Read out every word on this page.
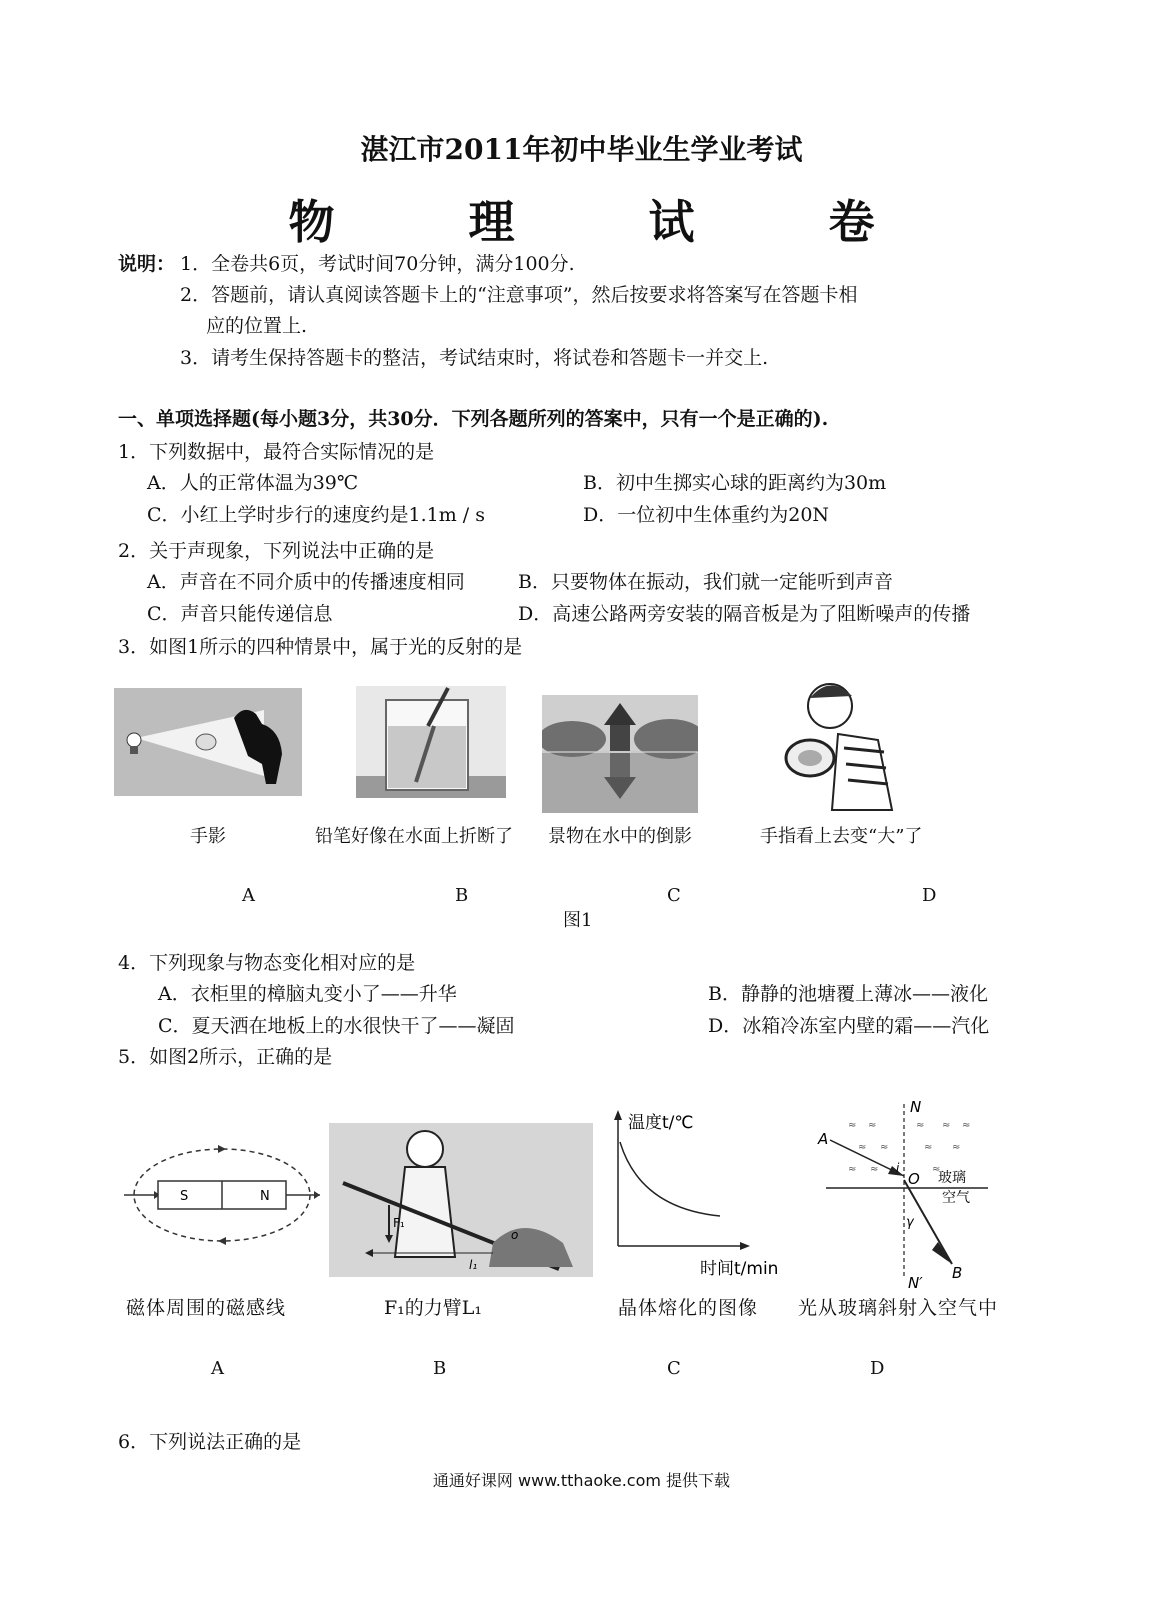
湛江市2011年初中毕业生学业考试
物　理　试　卷
说明： 1．全卷共6页，考试时间70分钟，满分100分.
2．答题前，请认真阅读答题卡上的“注意事项”，然后按要求将答案写在答题卡相
应的位置上.
3．请考生保持答题卡的整洁，考试结束时，将试卷和答题卡一并交上.
一、单项选择题(每小题3分，共30分．下列各题所列的答案中，只有一个是正确的).
1．下列数据中，最符合实际情况的是
A．人的正常体温为39℃	B．初中生掷实心球的距离约为30m
C．小红上学时步行的速度约是1.1m / s	D．一位初中生体重约为20N
2．关于声现象，下列说法中正确的是
A．声音在不同介质中的传播速度相同	B．只要物体在振动，我们就一定能听到声音
C．声音只能传递信息	D．高速公路两旁安装的隔音板是为了阻断噪声的传播
3．如图1所示的四种情景中，属于光的反射的是
手影	铅笔好像在水面上折断了 景物在水中的倒影	手指看上去变“大”了
A	B	C	D
图1
4．下列现象与物态变化相对应的是
A．衣柜里的樟脑丸变小了——升华	B．静静的池塘覆上薄冰——液化
C．夏天洒在地板上的水很快干了——凝固	D．冰箱冷冻室内壁的霜——汽化
5．如图2所示，正确的是
S	N
F₁
l₁
o
温度t/℃
时间t/min
≈ ≈	≈ ≈ ≈
≈ ≈	≈ ≈
≈ ≈	≈
N
N′
A
B
O
i
γ
玻璃
空气
磁体周围的磁感线	F₁的力臂L₁	晶体熔化的图像 光从玻璃斜射入空气中
A	B	C	D
6．下列说法正确的是
通通好课网 www.tthaoke.com 提供下载
